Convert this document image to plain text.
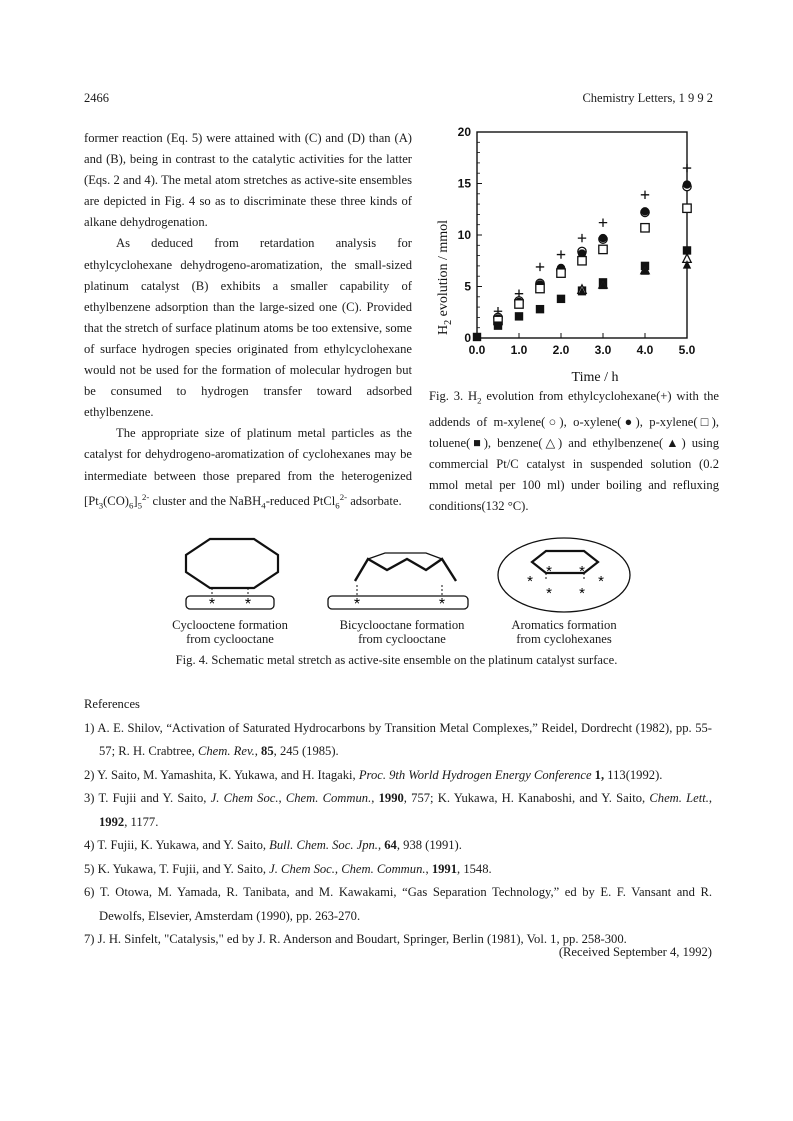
2466	Chemistry Letters, 1 9 9 2

former reaction (Eq. 5) were attained with (C) and (D) than (A) and (B), being in contrast to the catalytic activities for the latter (Eqs. 2 and 4). The metal atom stretches as active-site ensembles are depicted in Fig. 4 so as to discriminate these three kinds of alkane dehydrogenation.

As deduced from retardation analysis for ethylcyclohexane dehydrogeno-aromatization, the small-sized platinum catalyst (B) exhibits a smaller capability of ethylbenzene adsorption than the large-sized one (C). Provided that the stretch of surface platinum atoms be too extensive, some of surface hydrogen species originated from ethylcyclohexane would not be used for the formation of molecular hydrogen but be consumed to hydrogen transfer toward adsorbed ethylbenzene.

The appropriate size of platinum metal particles as the catalyst for dehydrogeno-aromatization of cyclohexanes may be intermediate between those prepared from the heterogenized $[Pt_3(CO)_6]_5^{2-}$ cluster and the NaBH$_4$-reduced PtCl$_6^{2-}$ adsorbate.

0.0 1.0 2.0 3.0 4.0 5.0
0
5
10
15
20
$H_2$ evolution / mmol
Time / h
Fig. 3. $H_2$ evolution from ethylcyclohexane(+) with the addends of m-xylene(○), o-xylene(●), p-xylene(□), toluene(■), benzene(△) and ethylbenzene(▲) using commercial Pt/C catalyst in suspended solution (0.2 mmol metal per 100 ml) under boiling and refluxing conditions(132 °C).
* *	*	*
* *
*	*
* *
Cyclooctene formation
from cyclooctane
Bicyclooctane formation
from cyclooctane
Aromatics formation
from cyclohexanes
Fig. 4. Schematic metal stretch as active-site ensemble on the platinum catalyst surface.
References
1) A. E. Shilov, “Activation of Saturated Hydrocarbons by Transition Metal Complexes,” Reidel, Dordrecht (1982), pp. 55-57; R. H. Crabtree, Chem. Rev., 85, 245 (1985).
2) Y. Saito, M. Yamashita, K. Yukawa, and H. Itagaki, Proc. 9th World Hydrogen Energy Conference 1, 113(1992).
3) T. Fujii and Y. Saito, J. Chem Soc., Chem. Commun., 1990, 757; K. Yukawa, H. Kanaboshi, and Y. Saito, Chem. Lett., 1992, 1177.
4) T. Fujii, K. Yukawa, and Y. Saito, Bull. Chem. Soc. Jpn., 64, 938 (1991).
5) K. Yukawa, T. Fujii, and Y. Saito, J. Chem Soc., Chem. Commun., 1991, 1548.
6) T. Otowa, M. Yamada, R. Tanibata, and M. Kawakami, “Gas Separation Technology,” ed by E. F. Vansant and R. Dewolfs, Elsevier, Amsterdam (1990), pp. 263-270.
7) J. H. Sinfelt, "Catalysis," ed by J. R. Anderson and Boudart, Springer, Berlin (1981), Vol. 1, pp. 258-300.
(Received September 4, 1992)
